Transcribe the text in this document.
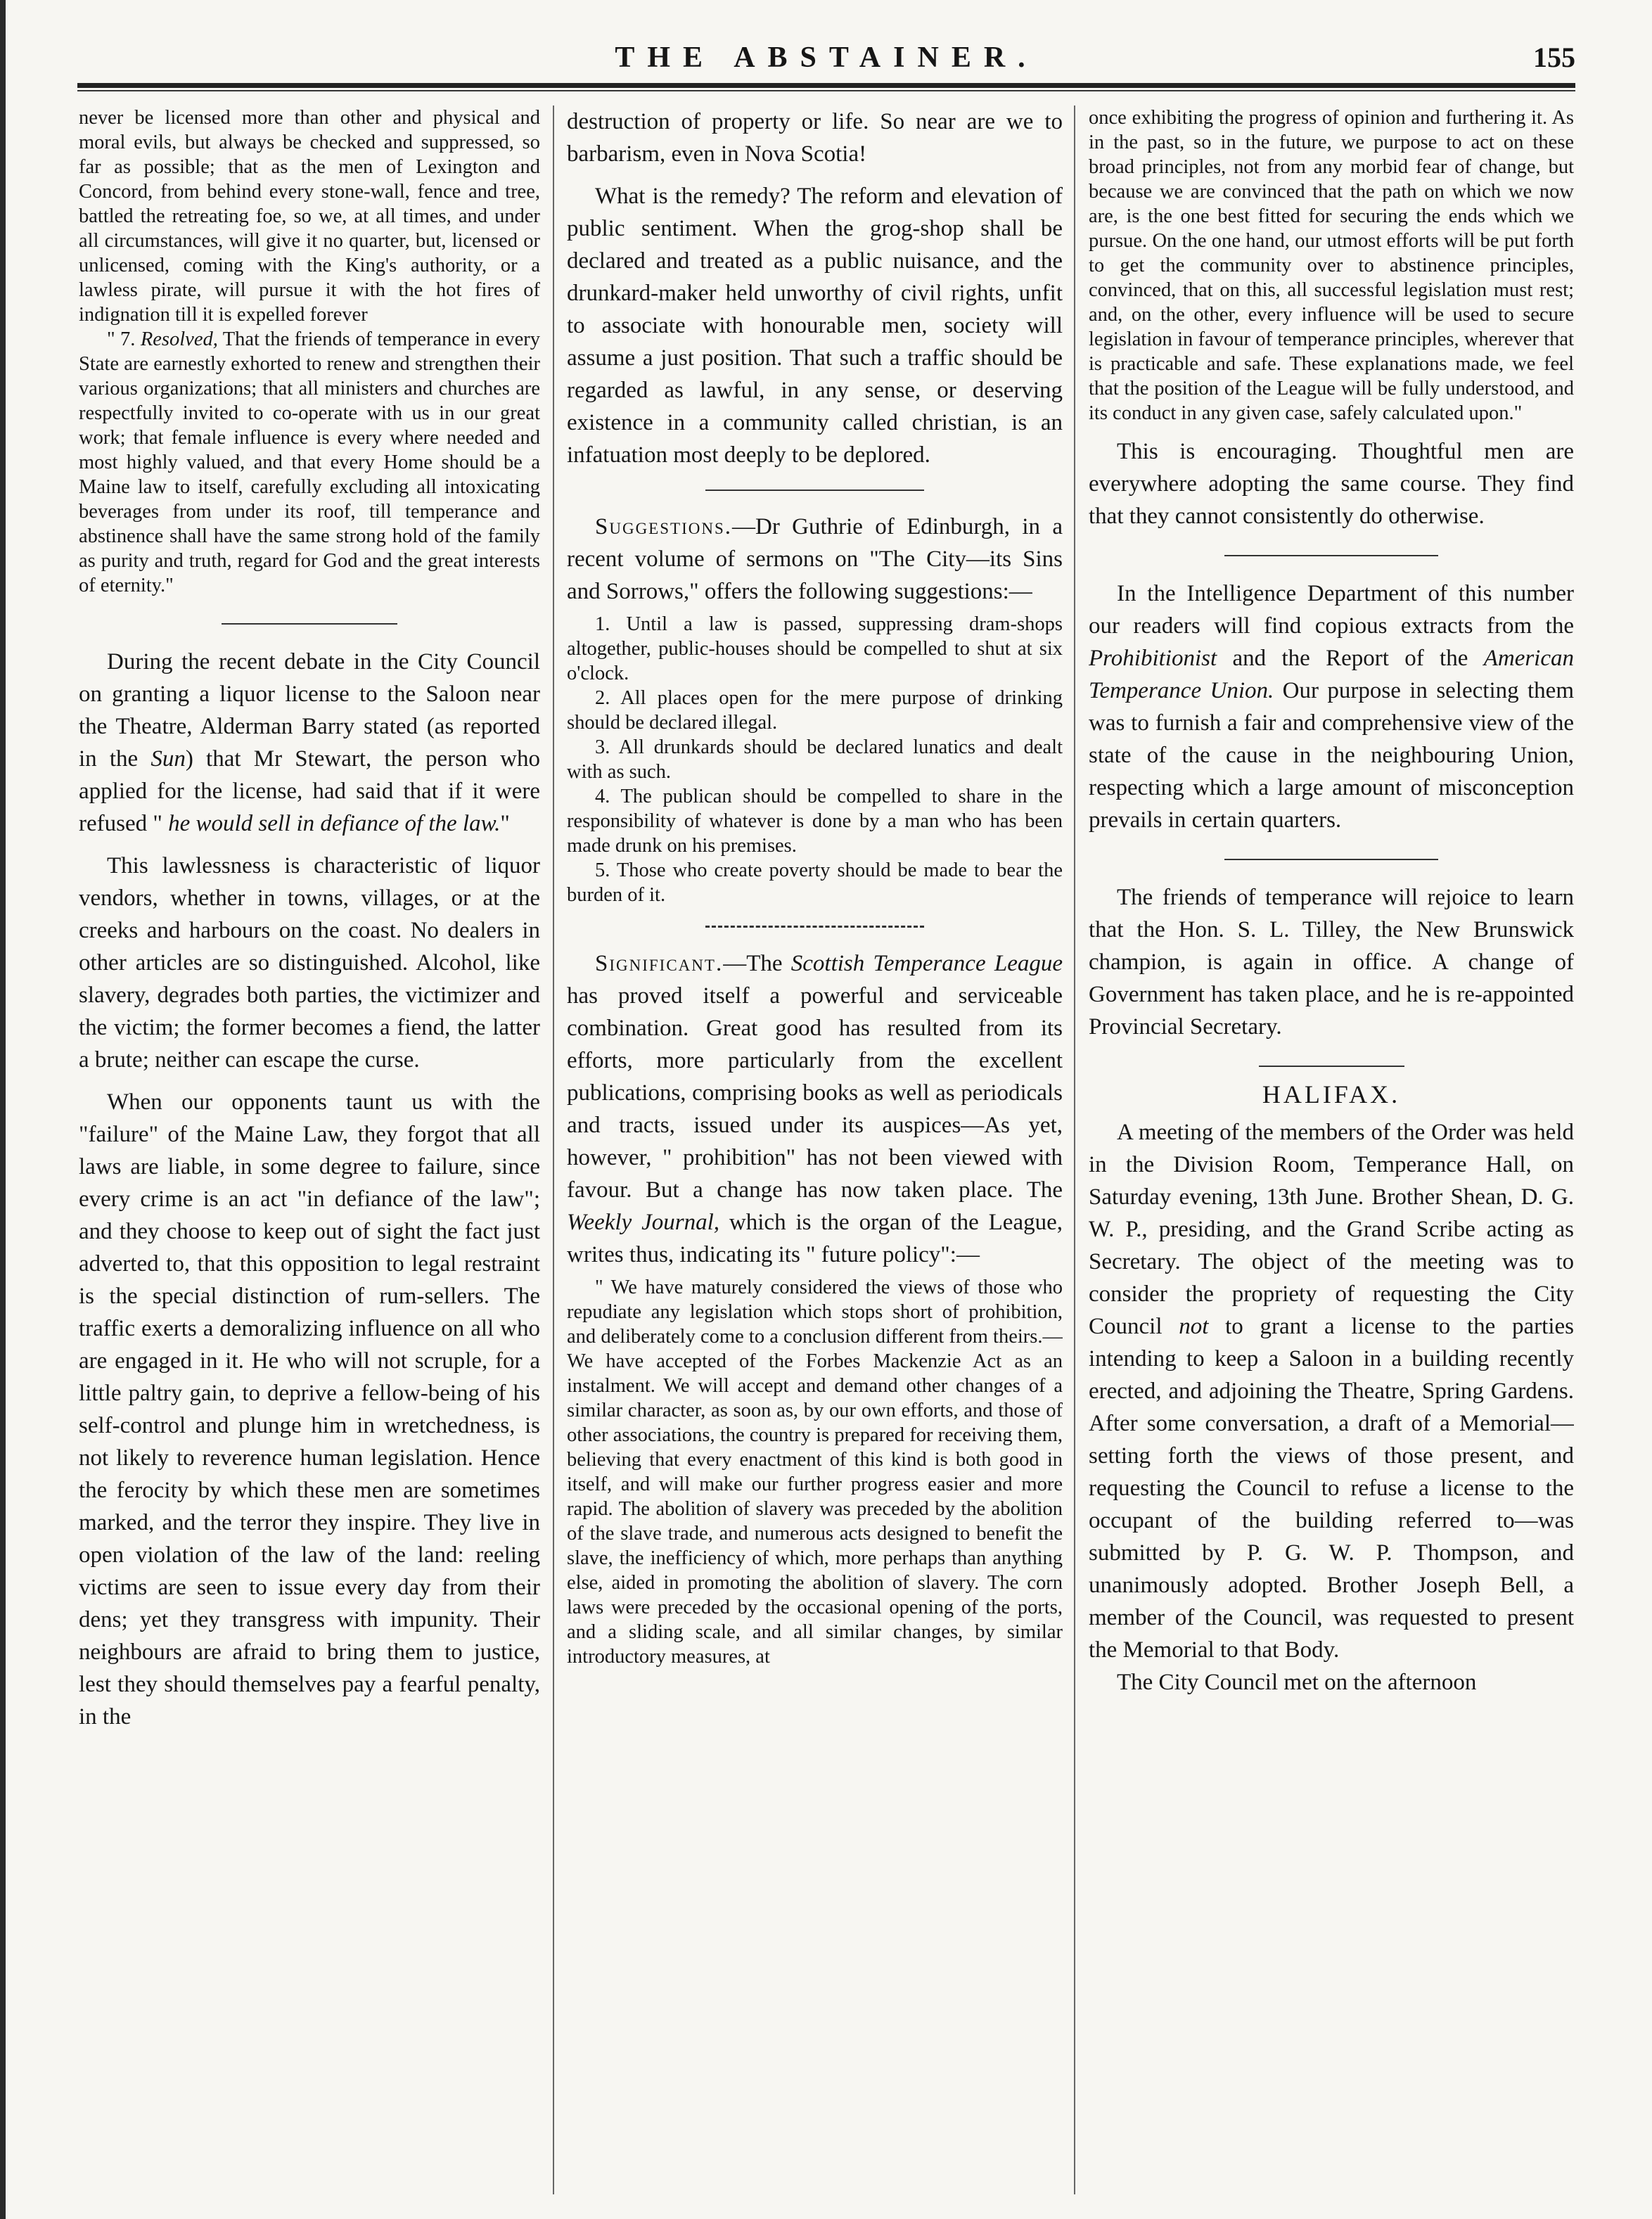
THE ABSTAINER.	155

never be licensed more than other and physical and moral evils, but always be checked and suppressed, so far as possible; that as the men of Lexington and Concord, from behind every stone-wall, fence and tree, battled the retreating foe, so we, at all times, and under all circumstances, will give it no quarter, but, licensed or unlicensed, coming with the King's authority, or a lawless pirate, will pursue it with the hot fires of indignation till it is expelled forever

" 7. Resolved, That the friends of temperance in every State are earnestly exhorted to renew and strengthen their various organizations; that all ministers and churches are respectfully invited to co-operate with us in our great work; that female influence is every where needed and most highly valued, and that every Home should be a Maine law to itself, carefully excluding all intoxicating beverages from under its roof, till temperance and abstinence shall have the same strong hold of the family as purity and truth, regard for God and the great interests of eternity."

During the recent debate in the City Council on granting a liquor license to the Saloon near the Theatre, Alderman Barry stated (as reported in the Sun) that Mr Stewart, the person who applied for the license, had said that if it were refused " he would sell in defiance of the law."

This lawlessness is characteristic of liquor vendors, whether in towns, villages, or at the creeks and harbours on the coast. No dealers in other articles are so distinguished. Alcohol, like slavery, degrades both parties, the victimizer and the victim; the former becomes a fiend, the latter a brute; neither can escape the curse.

When our opponents taunt us with the "failure" of the Maine Law, they forgot that all laws are liable, in some degree to failure, since every crime is an act "in defiance of the law"; and they choose to keep out of sight the fact just adverted to, that this opposition to legal restraint is the special distinction of rum-sellers. The traffic exerts a demoralizing influence on all who are engaged in it. He who will not scruple, for a little paltry gain, to deprive a fellow-being of his self-control and plunge him in wretchedness, is not likely to reverence human legislation. Hence the ferocity by which these men are sometimes marked, and the terror they inspire. They live in open violation of the law of the land: reeling victims are seen to issue every day from their dens; yet they transgress with impunity. Their neighbours are afraid to bring them to justice, lest they should themselves pay a fearful penalty, in the

destruction of property or life. So near are we to barbarism, even in Nova Scotia!

What is the remedy? The reform and elevation of public sentiment. When the grog-shop shall be declared and treated as a public nuisance, and the drunkard-maker held unworthy of civil rights, unfit to associate with honourable men, society will assume a just position. That such a traffic should be regarded as lawful, in any sense, or deserving existence in a community called christian, is an infatuation most deeply to be deplored.

Suggestions.—Dr Guthrie of Edinburgh, in a recent volume of sermons on "The City—its Sins and Sorrows," offers the following suggestions:—

1. Until a law is passed, suppressing dram-shops altogether, public-houses should be compelled to shut at six o'clock.

2. All places open for the mere purpose of drinking should be declared illegal.

3. All drunkards should be declared lunatics and dealt with as such.

4. The publican should be compelled to share in the responsibility of whatever is done by a man who has been made drunk on his premises.

5. Those who create poverty should be made to bear the burden of it.

Significant.—The Scottish Temperance League has proved itself a powerful and serviceable combination. Great good has resulted from its efforts, more particularly from the excellent publications, comprising books as well as periodicals and tracts, issued under its auspices—As yet, however, " prohibition" has not been viewed with favour. But a change has now taken place. The Weekly Journal, which is the organ of the League, writes thus, indicating its " future policy":—

" We have maturely considered the views of those who repudiate any legislation which stops short of prohibition, and deliberately come to a conclusion different from theirs.—We have accepted of the Forbes Mackenzie Act as an instalment. We will accept and demand other changes of a similar character, as soon as, by our own efforts, and those of other associations, the country is prepared for receiving them, believing that every enactment of this kind is both good in itself, and will make our further progress easier and more rapid. The abolition of slavery was preceded by the abolition of the slave trade, and numerous acts designed to benefit the slave, the inefficiency of which, more perhaps than anything else, aided in promoting the abolition of slavery. The corn laws were preceded by the occasional opening of the ports, and a sliding scale, and all similar changes, by similar introductory measures, at

once exhibiting the progress of opinion and furthering it. As in the past, so in the future, we purpose to act on these broad principles, not from any morbid fear of change, but because we are convinced that the path on which we now are, is the one best fitted for securing the ends which we pursue. On the one hand, our utmost efforts will be put forth to get the community over to abstinence principles, convinced, that on this, all successful legislation must rest; and, on the other, every influence will be used to secure legislation in favour of temperance principles, wherever that is practicable and safe. These explanations made, we feel that the position of the League will be fully understood, and its conduct in any given case, safely calculated upon."

This is encouraging. Thoughtful men are everywhere adopting the same course. They find that they cannot consistently do otherwise.

In the Intelligence Department of this number our readers will find copious extracts from the Prohibitionist and the Report of the American Temperance Union. Our purpose in selecting them was to furnish a fair and comprehensive view of the state of the cause in the neighbouring Union, respecting which a large amount of misconception prevails in certain quarters.

The friends of temperance will rejoice to learn that the Hon. S. L. Tilley, the New Brunswick champion, is again in office. A change of Government has taken place, and he is re-appointed Provincial Secretary.

HALIFAX.

A meeting of the members of the Order was held in the Division Room, Temperance Hall, on Saturday evening, 13th June. Brother Shean, D. G. W. P., presiding, and the Grand Scribe acting as Secretary. The object of the meeting was to consider the propriety of requesting the City Council not to grant a license to the parties intending to keep a Saloon in a building recently erected, and adjoining the Theatre, Spring Gardens. After some conversation, a draft of a Memorial—setting forth the views of those present, and requesting the Council to refuse a license to the occupant of the building referred to—was submitted by P. G. W. P. Thompson, and unanimously adopted. Brother Joseph Bell, a member of the Council, was requested to present the Memorial to that Body.

The City Council met on the afternoon
